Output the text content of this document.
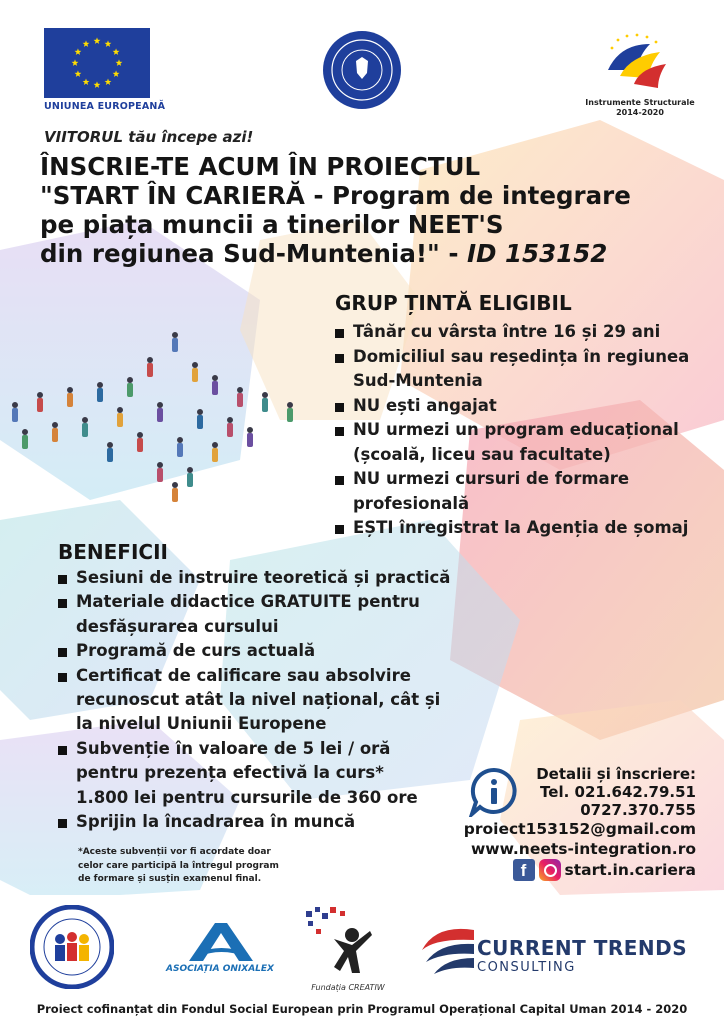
UNIUNEA EUROPEANĂ	Instrumente Structurale
2014-2020
VIITORUL tău începe azi!
ÎNSCRIE-TE ACUM ÎN PROIECTUL
"START ÎN CARIERĂ - Program de integrare
pe piața muncii a tinerilor NEET'S
din regiunea Sud-Muntenia!" - ID 153152
GRUP ȚINTĂ ELIGIBIL
Tânăr cu vârsta între 16 și 29 ani
Domiciliul sau reședința în regiunea
Sud-Muntenia
NU ești angajat
NU urmezi un program educațional
(școală, liceu sau facultate)
NU urmezi cursuri de formare
profesională
EȘTI înregistrat la Agenția de șomaj
BENEFICII
Sesiuni de instruire teoretică și practică
Materiale didactice GRATUITE pentru
desfășurarea cursului
Programă de curs actuală
Certificat de calificare sau absolvire
recunoscut atât la nivel național, cât și
la nivelul Uniunii Europene
Subvenție în valoare de 5 lei / oră
pentru prezența efectivă la curs*
1.800 lei pentru cursurile de 360 ore
Sprijin la încadrarea în muncă
*Aceste subvenții vor fi acordate doar
celor care participă la întregul program
de formare și susțin examenul final.
Detalii și înscriere:
Tel. 021.642.79.51
0727.370.755
proiect153152@gmail.com
www.neets-integration.ro
f	start.in.cariera
ASOCIAȚIA ONIXALEX
Fundația CREATIW
CURRENT TRENDS
CONSULTING
Proiect cofinanțat din Fondul Social European prin Programul Operațional Capital Uman 2014 - 2020
